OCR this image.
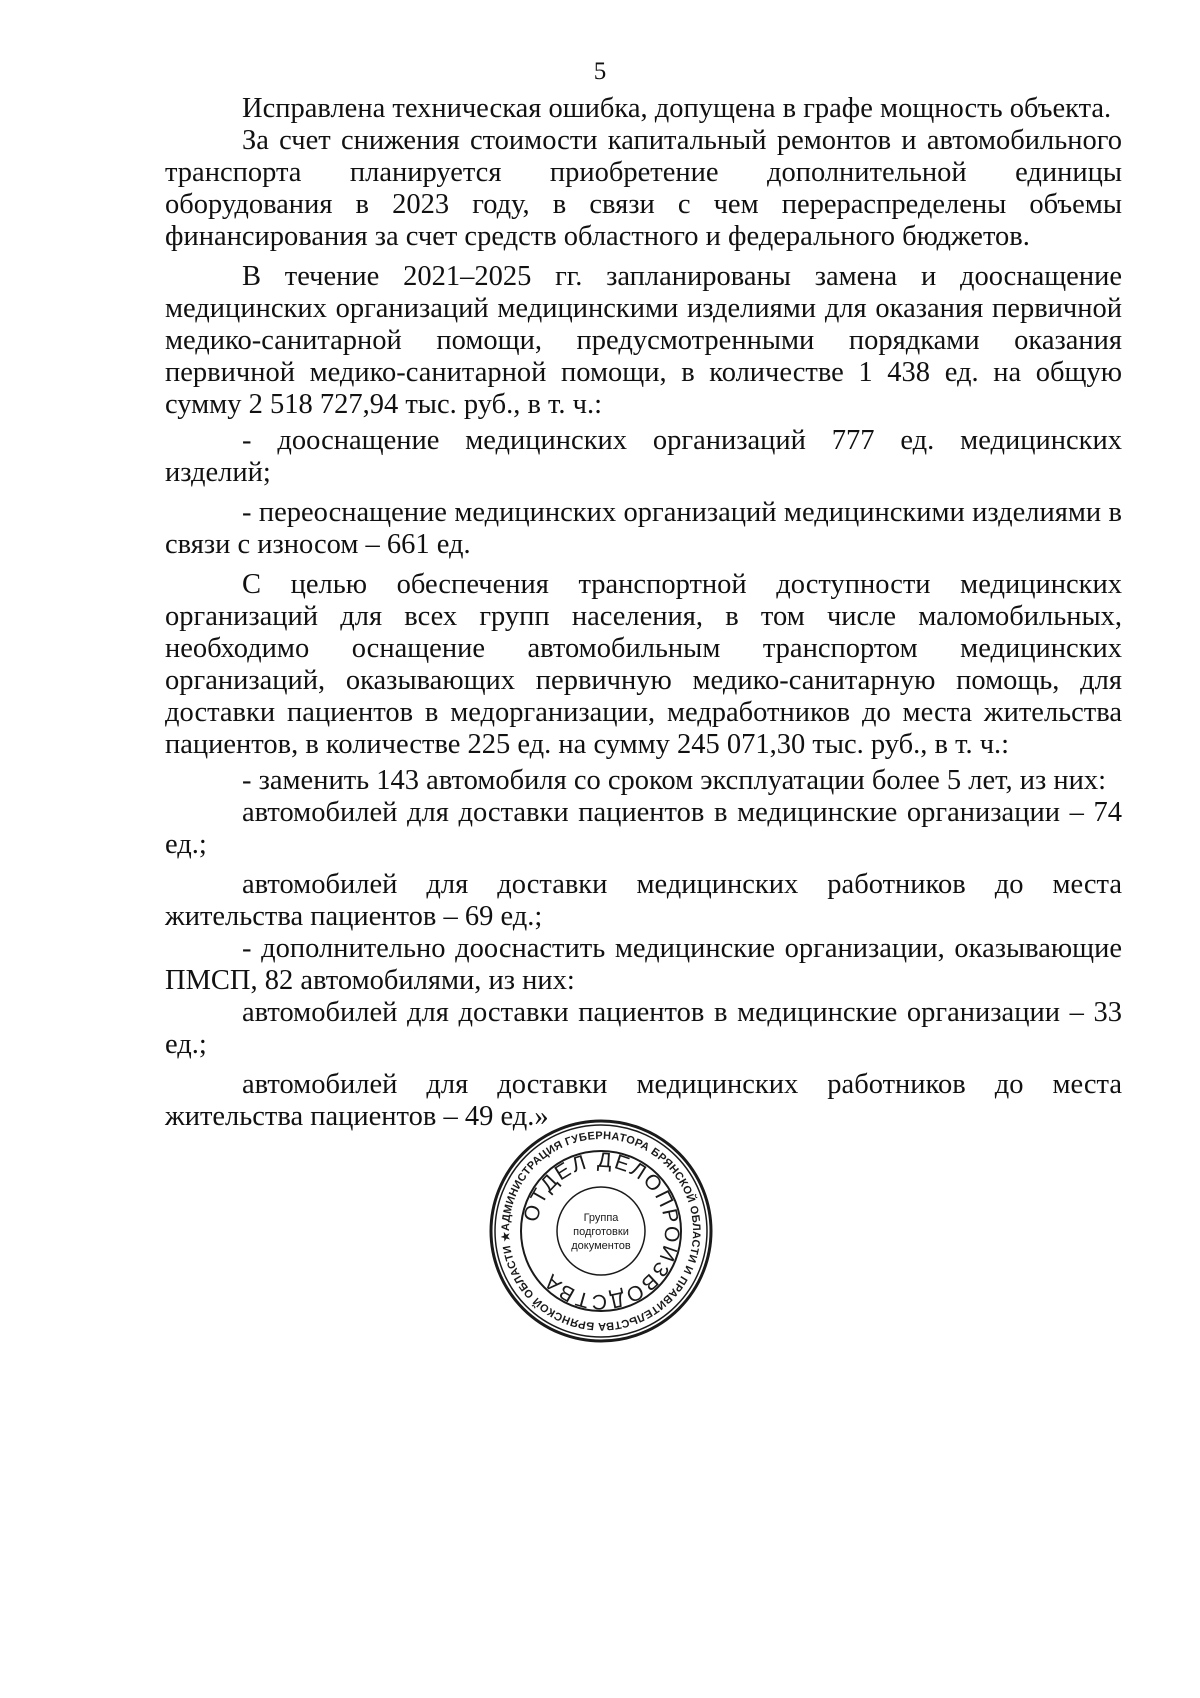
5

Исправлена техническая ошибка, допущена в графе мощность объекта.

За счет снижения стоимости капитальный ремонтов и автомобильного транспорта планируется приобретение дополнительной единицы оборудования в 2023 году, в связи с чем перераспределены объемы финансирования за счет средств областного и федерального бюджетов.

В течение 2021–2025 гг. запланированы замена и дооснащение медицинских организаций медицинскими изделиями для оказания первичной медико-санитарной помощи, предусмотренными порядками оказания первичной медико-санитарной помощи, в количестве 1 438 ед. на общую сумму 2 518 727,94 тыс. руб., в т. ч.:

- дооснащение медицинских организаций 777 ед. медицинских изделий;

- переоснащение медицинских организаций медицинскими изделиями в связи с износом – 661 ед.

С целью обеспечения транспортной доступности медицинских организаций для всех групп населения, в том числе маломобильных, необходимо оснащение автомобильным транспортом медицинских организаций, оказывающих первичную медико-санитарную помощь, для доставки пациентов в медорганизации, медработников до места жительства пациентов, в количестве 225 ед. на сумму 245 071,30 тыс. руб., в т. ч.:

- заменить 143 автомобиля со сроком эксплуатации более 5 лет, из них:

автомобилей для доставки пациентов в медицинские организации – 74 ед.;

автомобилей для доставки медицинских работников до места жительства пациентов – 69 ед.;

- дополнительно дооснастить медицинские организации, оказывающие ПМСП, 82 автомобилями, из них:

автомобилей для доставки пациентов в медицинские организации – 33 ед.;

автомобилей для доставки медицинских работников до места жительства пациентов – 49 ед.»

АДМИНИСТРАЦИЯ ГУБЕРНАТОРА БРЯНСКОЙ ОБЛАСТИ И ПРАВИТЕЛЬСТВА БРЯНСКОЙ ОБЛАСТИ ★
ОТДЕЛ ДЕЛОПРОИЗВОДСТВА
Группа
подготовки
документов
